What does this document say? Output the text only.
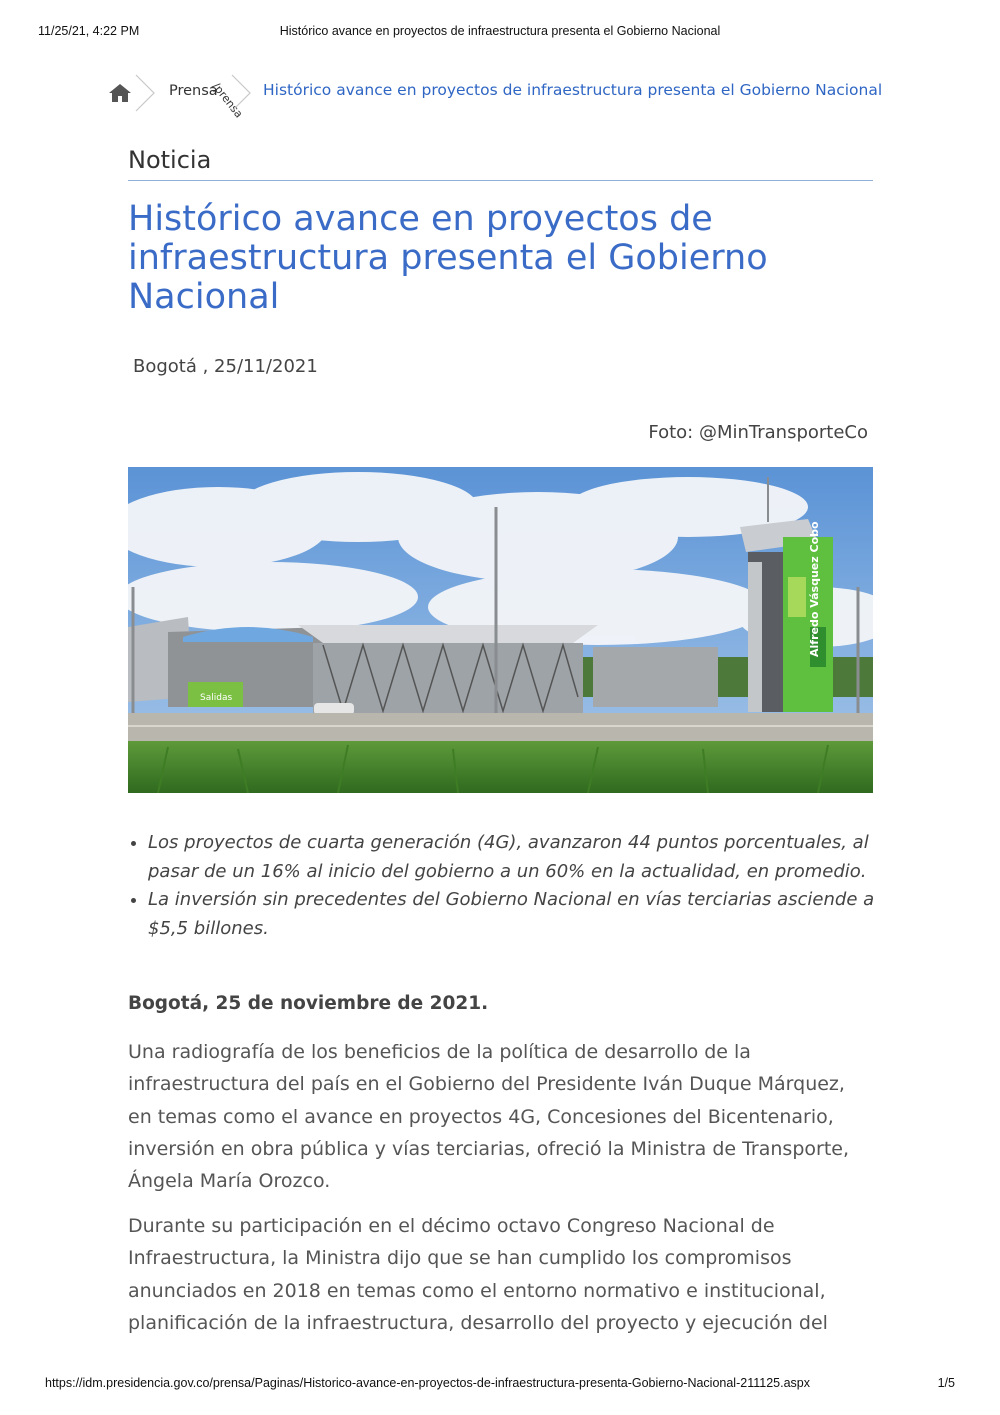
11/25/21, 4:22 PM	Histórico avance en proyectos de infraestructura presenta el Gobierno Nacional
Prensa
/prensa Histórico avance en proyectos de infraestructura presenta el Gobierno Nacional
Noticia
Histórico avance en proyectos de infraestructura presenta el Gobierno Nacional
Bogotá , 25/11/2021
Foto: @MinTransporteCo
Salidas
Alfredo Vásquez Cobo
• Los proyectos de cuarta generación (4G), avanzaron 44 puntos porcentuales, al pasar de un 16% al inicio del gobierno a un 60% en la actualidad, en promedio.
• La inversión sin precedentes del Gobierno Nacional en vías terciarias asciende a $5,5 billones.
Bogotá, 25 de noviembre de 2021.

Una radiografía de los beneficios de la política de desarrollo de la infraestructura del país en el Gobierno del Presidente Iván Duque Márquez, en temas como el avance en proyectos 4G, Concesiones del Bicentenario, inversión en obra pública y vías terciarias, ofreció la Ministra de Transporte, Ángela María Orozco.

Durante su participación en el décimo octavo Congreso Nacional de Infraestructura, la Ministra dijo que se han cumplido los compromisos anunciados en 2018 en temas como el entorno normativo e institucional, planificación de la infraestructura, desarrollo del proyecto y ejecución del

https://idm.presidencia.gov.co/prensa/Paginas/Historico-avance-en-proyectos-de-infraestructura-presenta-Gobierno-Nacional-211125.aspx	1/5
